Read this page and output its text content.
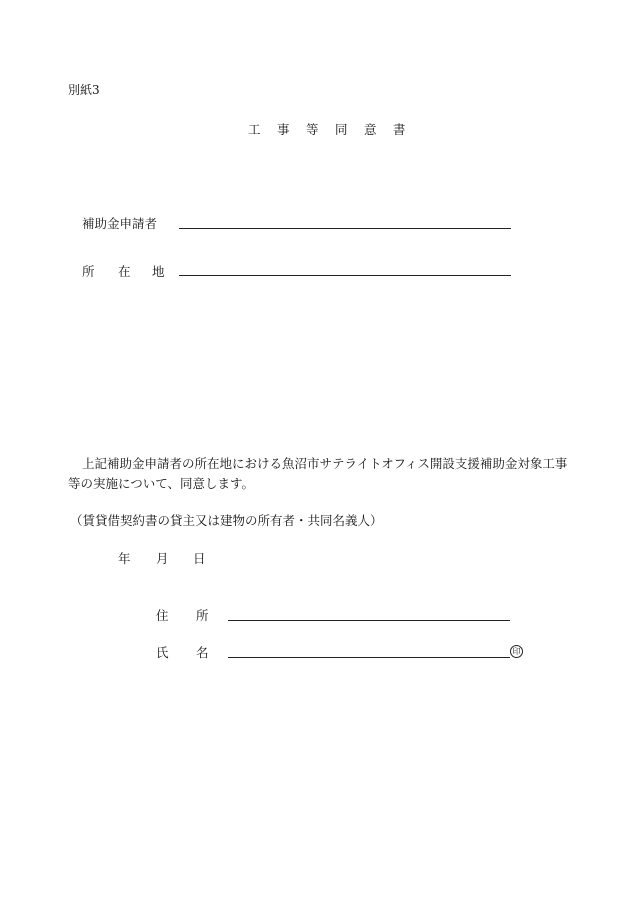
別紙3
工 事 等 同 意 書
補助金申請者
所 在 地
上記補助金申請者の所在地における魚沼市サテライトオフィス開設支援補助金対象工事
等の実施について、同意します。
（賃貸借契約書の貸主又は建物の所有者・共同名義人）
年 月 日
住 所
氏 名	印
